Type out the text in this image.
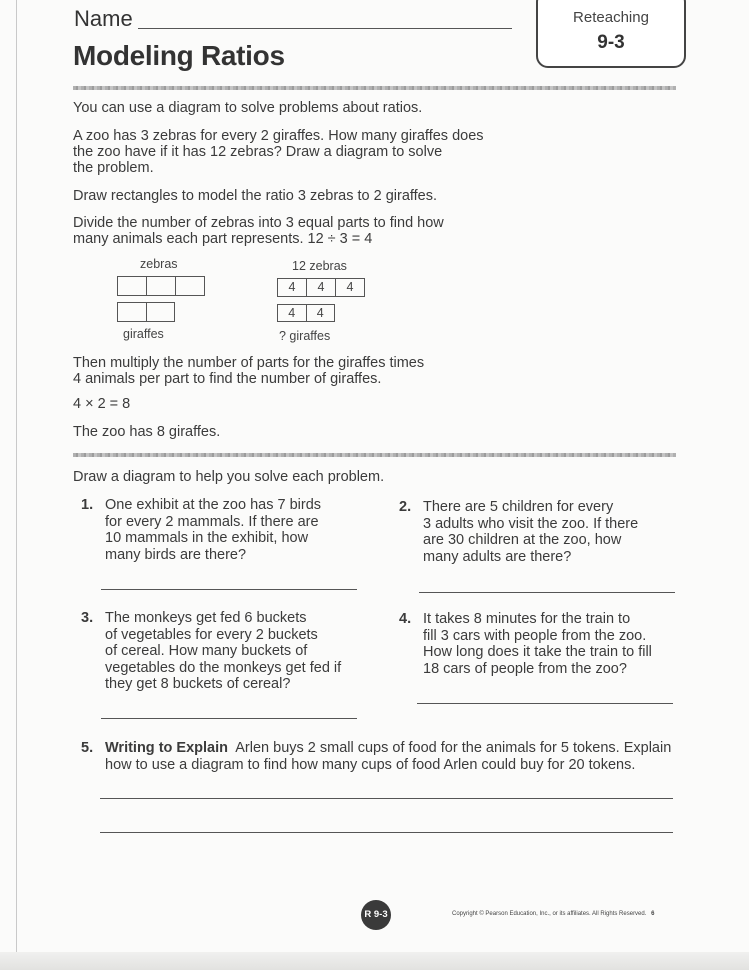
Name
Modeling Ratios
Reteaching
9-3
You can use a diagram to solve problems about ratios.
A zoo has 3 zebras for every 2 giraffes. How many giraffes does
the zoo have if it has 12 zebras? Draw a diagram to solve
the problem.
Draw rectangles to model the ratio 3 zebras to 2 giraffes.
Divide the number of zebras into 3 equal parts to find how
many animals each part represents. 12 ÷ 3 = 4
zebras
giraffes
12 zebras
4	4	4
4	4
? giraffes
Then multiply the number of parts for the giraffes times
4 animals per part to find the number of giraffes.
4 × 2 = 8
The zoo has 8 giraffes.
Draw a diagram to help you solve each problem.
1. One exhibit at the zoo has 7 birds
for every 2 mammals. If there are
10 mammals in the exhibit, how
many birds are there?
2. There are 5 children for every
3 adults who visit the zoo. If there
are 30 children at the zoo, how
many adults are there?
3. The monkeys get fed 6 buckets
of vegetables for every 2 buckets
of cereal. How many buckets of
vegetables do the monkeys get fed if
they get 8 buckets of cereal?
4. It takes 8 minutes for the train to
fill 3 cars with people from the zoo.
How long does it take the train to fill
18 cars of people from the zoo?
5. Writing to Explain Arlen buys 2 small cups of food for the animals for 5 tokens. Explain
how to use a diagram to find how many cups of food Arlen could buy for 20 tokens.
R 9-3	Copyright © Pearson Education, Inc., or its affiliates. All Rights Reserved. 6
